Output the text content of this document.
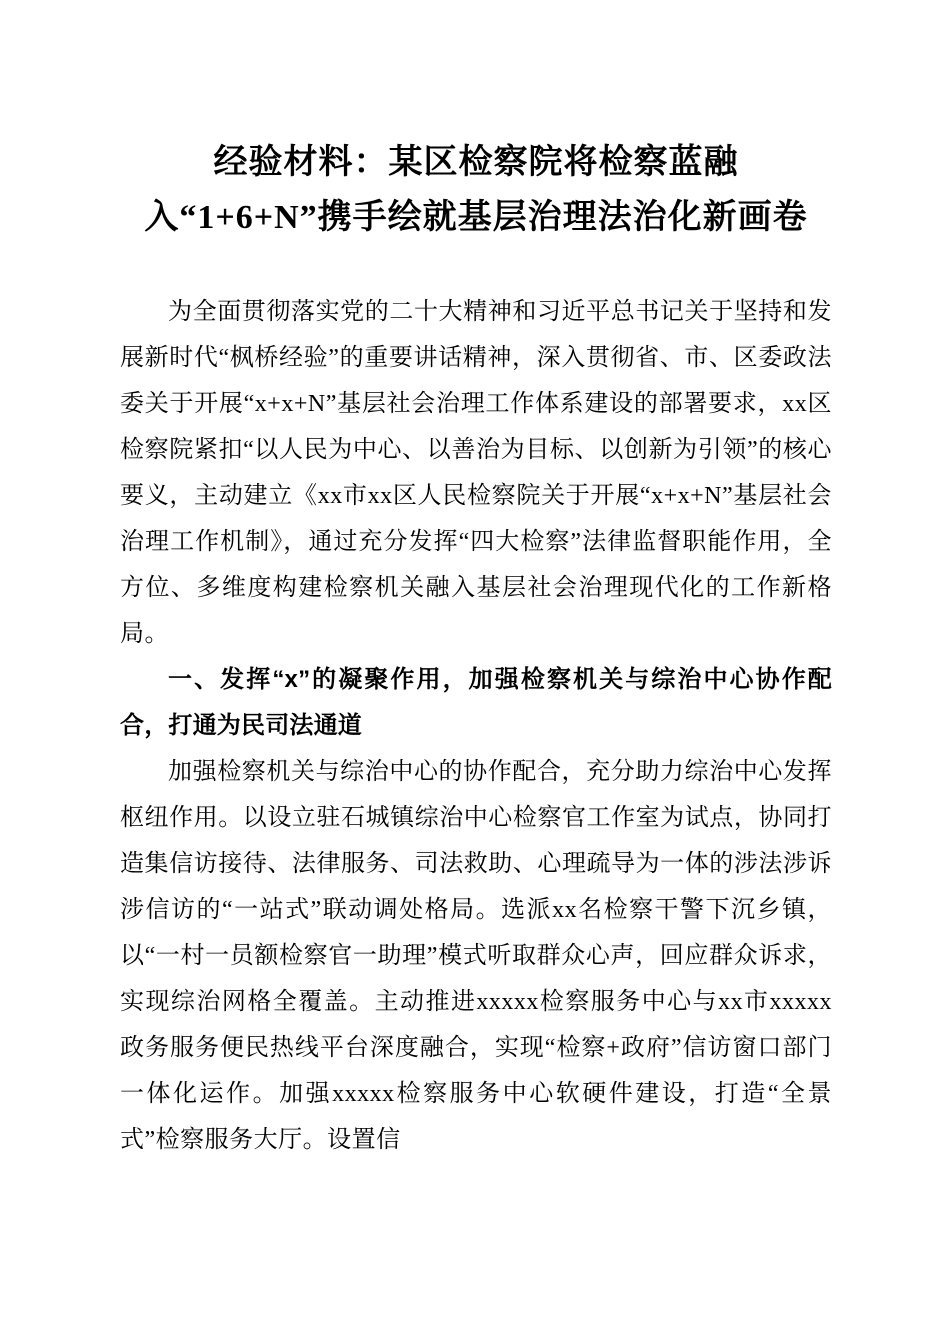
经验材料：某区检察院将检察蓝融
入“1+6+N”携手绘就基层治理法治化新画卷

为全面贯彻落实党的二十大精神和习近平总书记关于坚持和发展新时代“枫桥经验”的重要讲话精神，深入贯彻省、市、区委政法委关于开展“x+x+N”基层社会治理工作体系建设的部署要求，xx区检察院紧扣“以人民为中心、以善治为目标、以创新为引领”的核心要义，主动建立《xx市xx区人民检察院关于开展“x+x+N”基层社会治理工作机制》，通过充分发挥“四大检察”法律监督职能作用，全方位、多维度构建检察机关融入基层社会治理现代化的工作新格局。

一、发挥“x”的凝聚作用，加强检察机关与综治中心协作配合，打通为民司法通道

加强检察机关与综治中心的协作配合，充分助力综治中心发挥枢纽作用。以设立驻石城镇综治中心检察官工作室为试点，协同打造集信访接待、法律服务、司法救助、心理疏导为一体的涉法涉诉涉信访的“一站式”联动调处格局。选派xx名检察干警下沉乡镇，以“一村一员额检察官一助理”模式听取群众心声，回应群众诉求，实现综治网格全覆盖。主动推进xxxxx检察服务中心与xx市xxxxx政务服务便民热线平台深度融合，实现“检察+政府”信访窗口部门一体化运作。加强xxxxx检察服务中心软硬件建设，打造“全景式”检察服务大厅。设置信
